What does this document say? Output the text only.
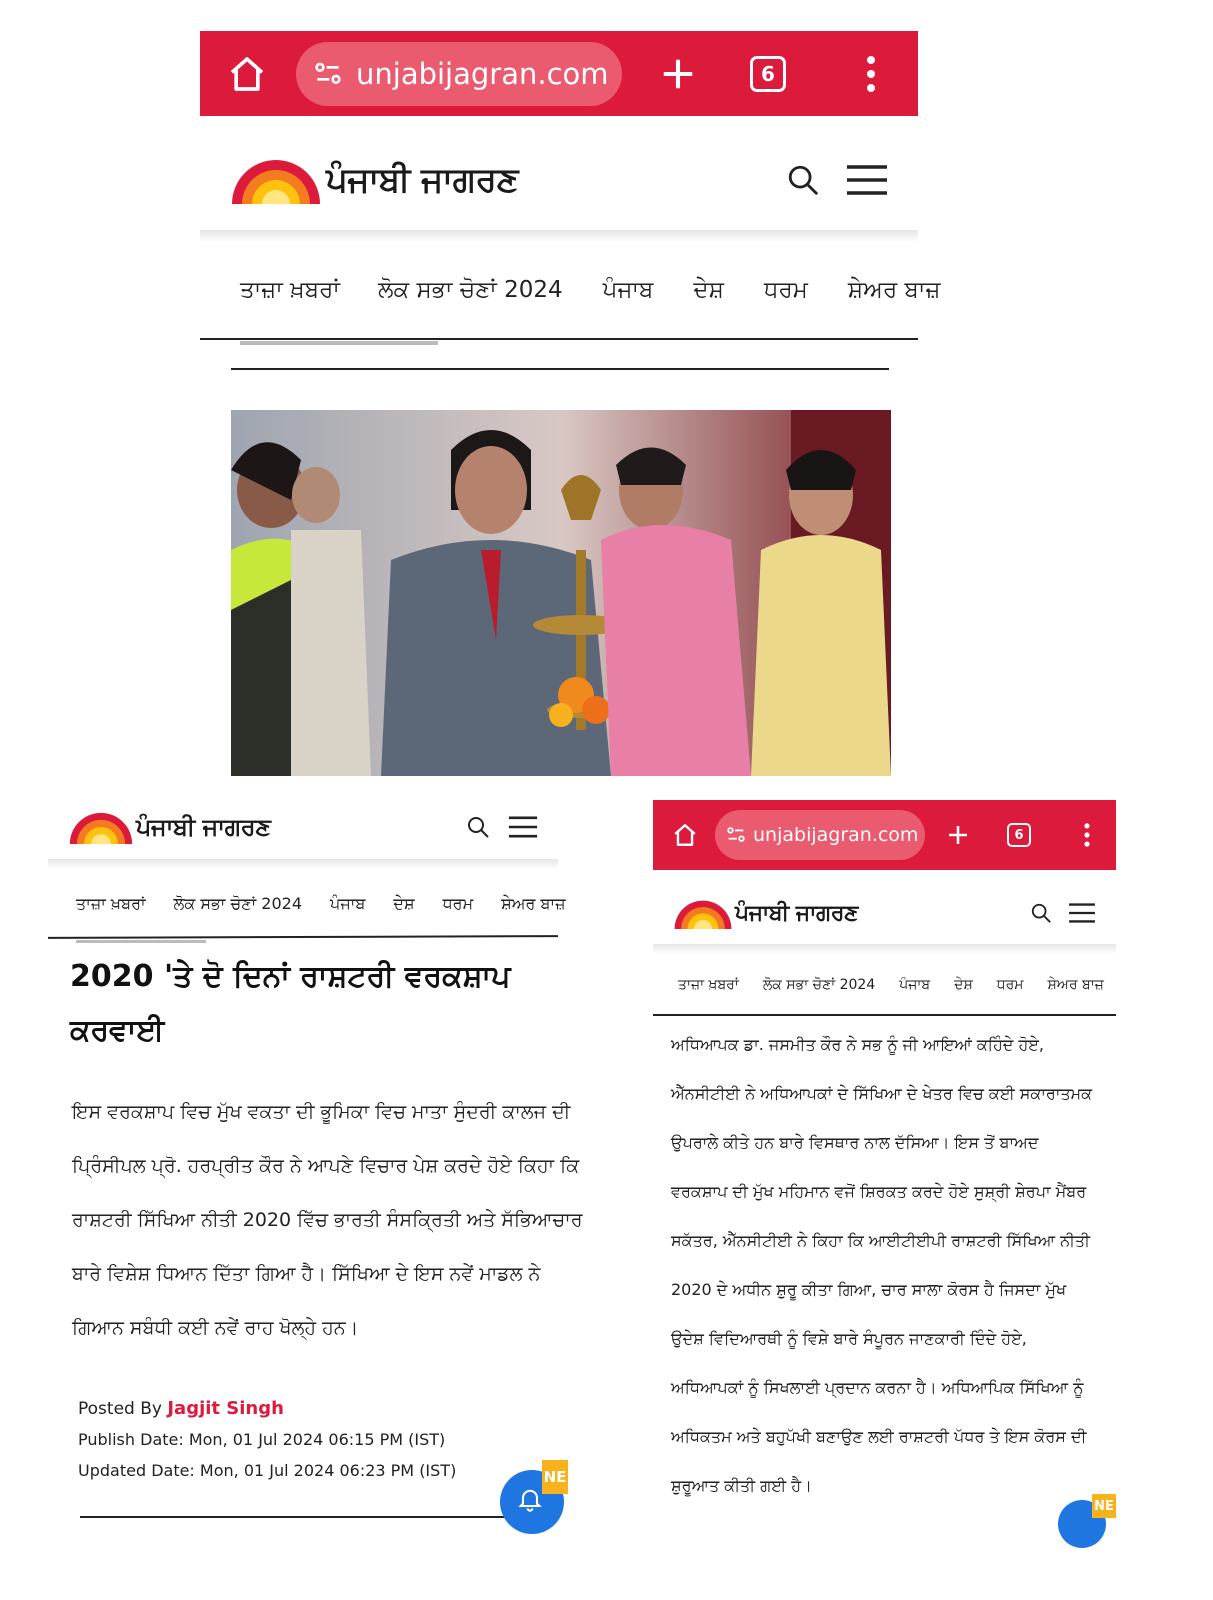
unjabijagran.com	6
ਪੰਜਾਬੀ ਜਾਗਰਣ
ਤਾਜ਼ਾ ਖ਼ਬਰਾਂ ਲੋਕ ਸਭਾ ਚੋਣਾਂ 2024 ਪੰਜਾਬ ਦੇਸ਼ ਧਰਮ ਸ਼ੇਅਰ ਬਾਜ਼
ਪੰਜਾਬੀ ਜਾਗਰਣ
ਤਾਜ਼ਾ ਖ਼ਬਰਾਂ ਲੋਕ ਸਭਾ ਚੋਣਾਂ 2024 ਪੰਜਾਬ ਦੇਸ਼ ਧਰਮ ਸ਼ੇਅਰ ਬਾਜ਼
2020 'ਤੇ ਦੋ ਦਿਨਾਂ ਰਾਸ਼ਟਰੀ ਵਰਕਸ਼ਾਪ
ਕਰਵਾਈ

ਇਸ ਵਰਕਸ਼ਾਪ ਵਿਚ ਮੁੱਖ ਵਕਤਾ ਦੀ ਭੂਮਿਕਾ ਵਿਚ ਮਾਤਾ ਸੁੰਦਰੀ ਕਾਲਜ ਦੀ

ਪ੍ਰਿੰਸੀਪਲ ਪ੍ਰੋ. ਹਰਪ੍ਰੀਤ ਕੌਰ ਨੇ ਆਪਣੇ ਵਿਚਾਰ ਪੇਸ਼ ਕਰਦੇ ਹੋਏ ਕਿਹਾ ਕਿ

ਰਾਸ਼ਟਰੀ ਸਿੱਖਿਆ ਨੀਤੀ 2020 ਵਿੱਚ ਭਾਰਤੀ ਸੰਸਕ੍ਰਿਤੀ ਅਤੇ ਸੱਭਿਆਚਾਰ

ਬਾਰੇ ਵਿਸ਼ੇਸ਼ ਧਿਆਨ ਦਿੱਤਾ ਗਿਆ ਹੈ। ਸਿੱਖਿਆ ਦੇ ਇਸ ਨਵੇਂ ਮਾਡਲ ਨੇ

ਗਿਆਨ ਸਬੰਧੀ ਕਈ ਨਵੇਂ ਰਾਹ ਖੋਲ੍ਹੇ ਹਨ।

Posted By Jagjit Singh
Publish Date: Mon, 01 Jul 2024 06:15 PM (IST)
Updated Date: Mon, 01 Jul 2024 06:23 PM (IST)	NE
unjabijagran.com	6
ਪੰਜਾਬੀ ਜਾਗਰਣ
ਤਾਜ਼ਾ ਖ਼ਬਰਾਂ ਲੋਕ ਸਭਾ ਚੋਣਾਂ 2024 ਪੰਜਾਬ ਦੇਸ਼ ਧਰਮ ਸ਼ੇਅਰ ਬਾਜ਼

ਅਧਿਆਪਕ ਡਾ. ਜਸਮੀਤ ਕੌਰ ਨੇ ਸਭ ਨੂੰ ਜੀ ਆਇਆਂ ਕਹਿੰਦੇ ਹੋਏ,

ਐੱਨਸੀਟੀਈ ਨੇ ਅਧਿਆਪਕਾਂ ਦੇ ਸਿੱਖਿਆ ਦੇ ਖੇਤਰ ਵਿਚ ਕਈ ਸਕਾਰਾਤਮਕ

ਉਪਰਾਲੇ ਕੀਤੇ ਹਨ ਬਾਰੇ ਵਿਸਥਾਰ ਨਾਲ ਦੱਸਿਆ। ਇਸ ਤੋਂ ਬਾਅਦ

ਵਰਕਸ਼ਾਪ ਦੀ ਮੁੱਖ ਮਹਿਮਾਨ ਵਜੋਂ ਸ਼ਿਰਕਤ ਕਰਦੇ ਹੋਏ ਸੁਸ਼੍ਰੀ ਸ਼ੇਰਪਾ ਮੈਂਬਰ

ਸਕੱਤਰ, ਐੱਨਸੀਟੀਈ ਨੇ ਕਿਹਾ ਕਿ ਆਈਟੀਈਪੀ ਰਾਸ਼ਟਰੀ ਸਿੱਖਿਆ ਨੀਤੀ

2020 ਦੇ ਅਧੀਨ ਸ਼ੁਰੂ ਕੀਤਾ ਗਿਆ, ਚਾਰ ਸਾਲਾ ਕੋਰਸ ਹੈ ਜਿਸਦਾ ਮੁੱਖ

ਉਦੇਸ਼ ਵਿਦਿਆਰਥੀ ਨੂੰ ਵਿਸ਼ੇ ਬਾਰੇ ਸੰਪੂਰਨ ਜਾਣਕਾਰੀ ਦਿੰਦੇ ਹੋਏ,

ਅਧਿਆਪਕਾਂ ਨੂੰ ਸਿਖਲਾਈ ਪ੍ਰਦਾਨ ਕਰਨਾ ਹੈ। ਅਧਿਆਪਿਕ ਸਿੱਖਿਆ ਨੂੰ

ਅਧਿਕਤਮ ਅਤੇ ਬਹੁਪੱਖੀ ਬਣਾਉਣ ਲਈ ਰਾਸ਼ਟਰੀ ਪੱਧਰ ਤੇ ਇਸ ਕੋਰਸ ਦੀ

ਸ਼ੁਰੂਆਤ ਕੀਤੀ ਗਈ ਹੈ।

NE
